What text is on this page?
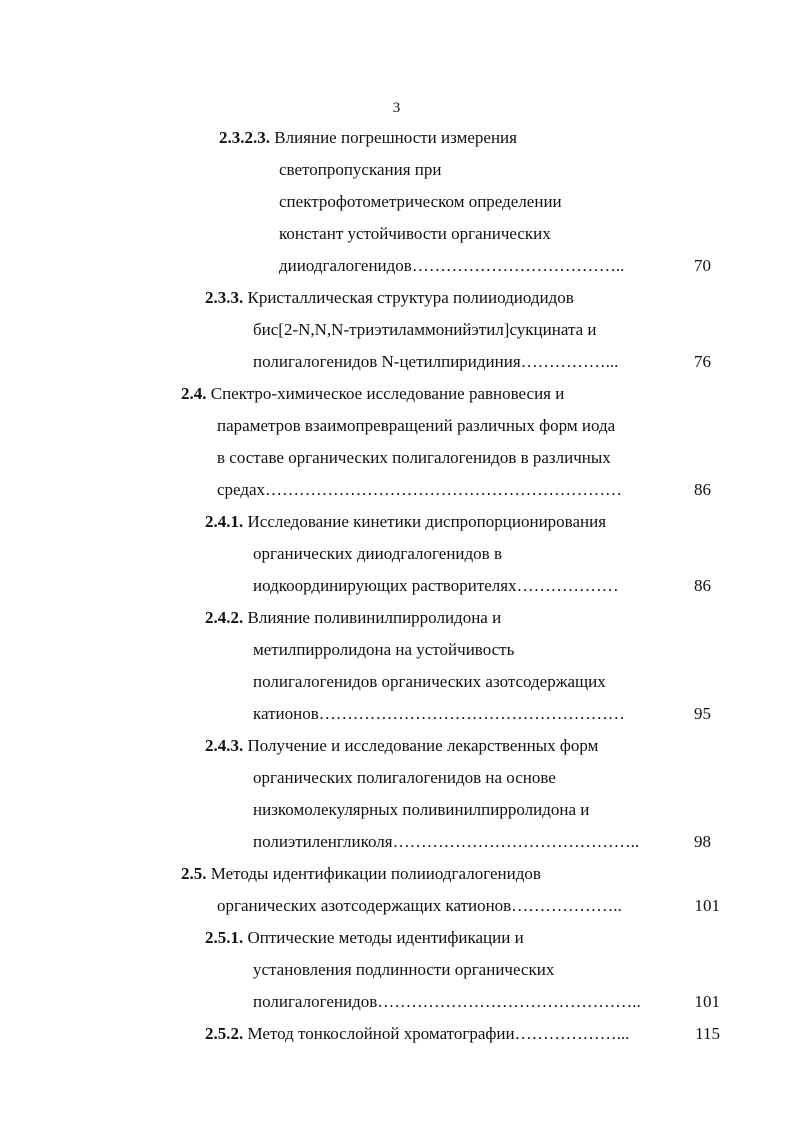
3
2.3.2.3. Влияние погрешности измерения
светопропускания при
спектрофотометрическом определении
констант устойчивости органических
дииодгалогенидов………………………………..	70
2.3.3. Кристаллическая структура полииодиодидов
бис[2-N,N,N-триэтиламмонийэтил]сукцината и
полигалогенидов N-цетилпиридиния……………...	76
2.4. Спектро-химическое исследование равновесия и
параметров взаимопревращений различных форм иода
в составе органических полигалогенидов в различных
средах………………………………………………………	86
2.4.1. Исследование кинетики диспропорционирования
органических дииодгалогенидов в
иодкоординирующих растворителях………………	86
2.4.2. Влияние поливинилпирролидона и
метилпирролидона на устойчивость
полигалогенидов органических азотсодержащих
катионов………………………………………………	95
2.4.3. Получение и исследование лекарственных форм
органических полигалогенидов на основе
низкомолекулярных поливинилпирролидона и
полиэтиленгликоля……………………………………..	98
2.5. Методы идентификации полииодгалогенидов
органических азотсодержащих катионов………………..	101
2.5.1. Оптические методы идентификации и
установления подлинности органических
полигалогенидов………………………………………..	101
2.5.2. Метод тонкослойной хроматографии………………...	115
